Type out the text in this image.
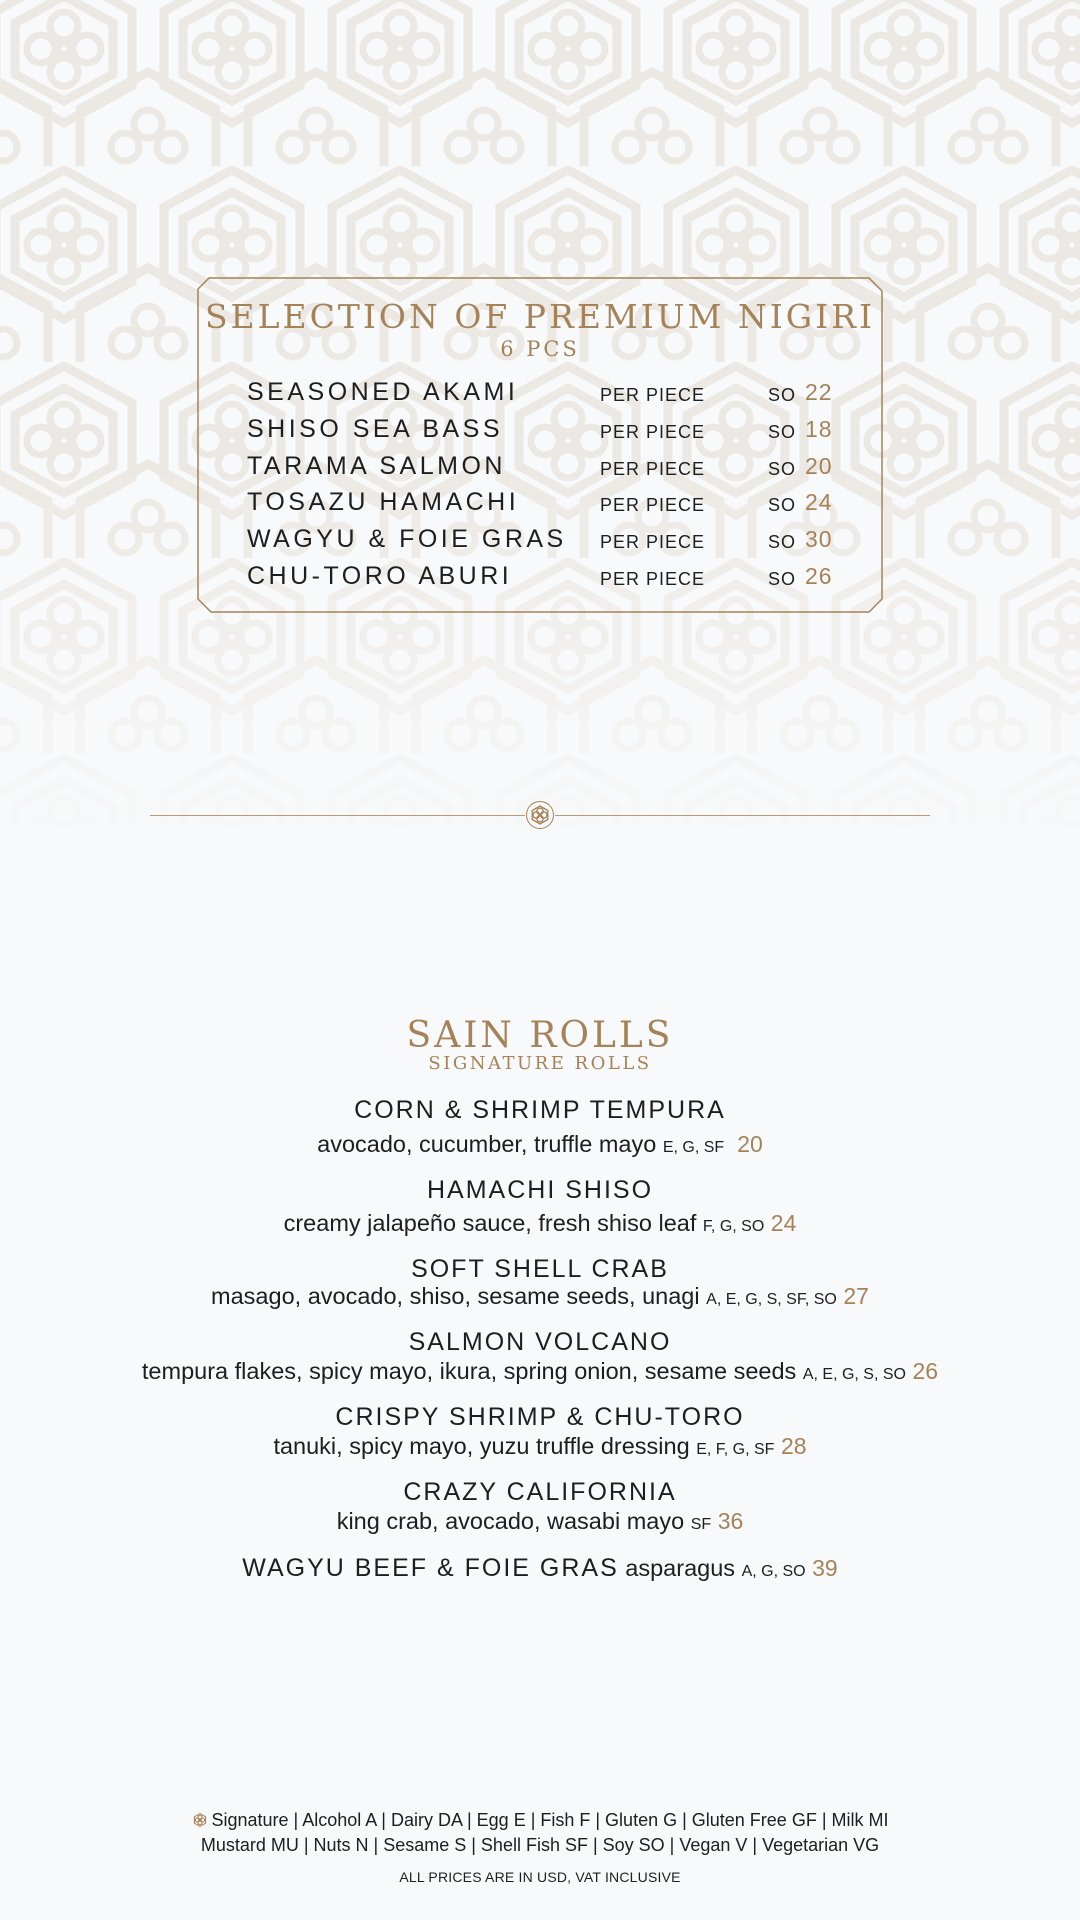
SELECTION OF PREMIUM NIGIRI
6 PCS
SEASONED AKAMI	PER PIECE	SO 22
SHISO SEA BASS	PER PIECE	SO 18
TARAMA SALMON	PER PIECE	SO 20
TOSAZU HAMACHI	PER PIECE	SO 24
WAGYU & FOIE GRAS PER PIECE	SO 30
CHU-TORO ABURI	PER PIECE	SO 26
SAIN ROLLS
SIGNATURE ROLLS
CORN & SHRIMP TEMPURA
avocado, cucumber, truffle mayo E, G, SF 20
HAMACHI SHISO
creamy jalapeño sauce, fresh shiso leaf F, G, SO 24
SOFT SHELL CRAB
masago, avocado, shiso, sesame seeds, unagi A, E, G, S, SF, SO 27
SALMON VOLCANO
tempura flakes, spicy mayo, ikura, spring onion, sesame seeds A, E, G, S, SO 26
CRISPY SHRIMP & CHU-TORO
tanuki, spicy mayo, yuzu truffle dressing E, F, G, SF 28
CRAZY CALIFORNIA
king crab, avocado, wasabi mayo SF 36
WAGYU BEEF & FOIE GRAS asparagus A, G, SO 39
Signature | Alcohol A | Dairy DA | Egg E | Fish F | Gluten G | Gluten Free GF | Milk MI
Mustard MU | Nuts N | Sesame S | Shell Fish SF | Soy SO | Vegan V | Vegetarian VG
ALL PRICES ARE IN USD, VAT INCLUSIVE
